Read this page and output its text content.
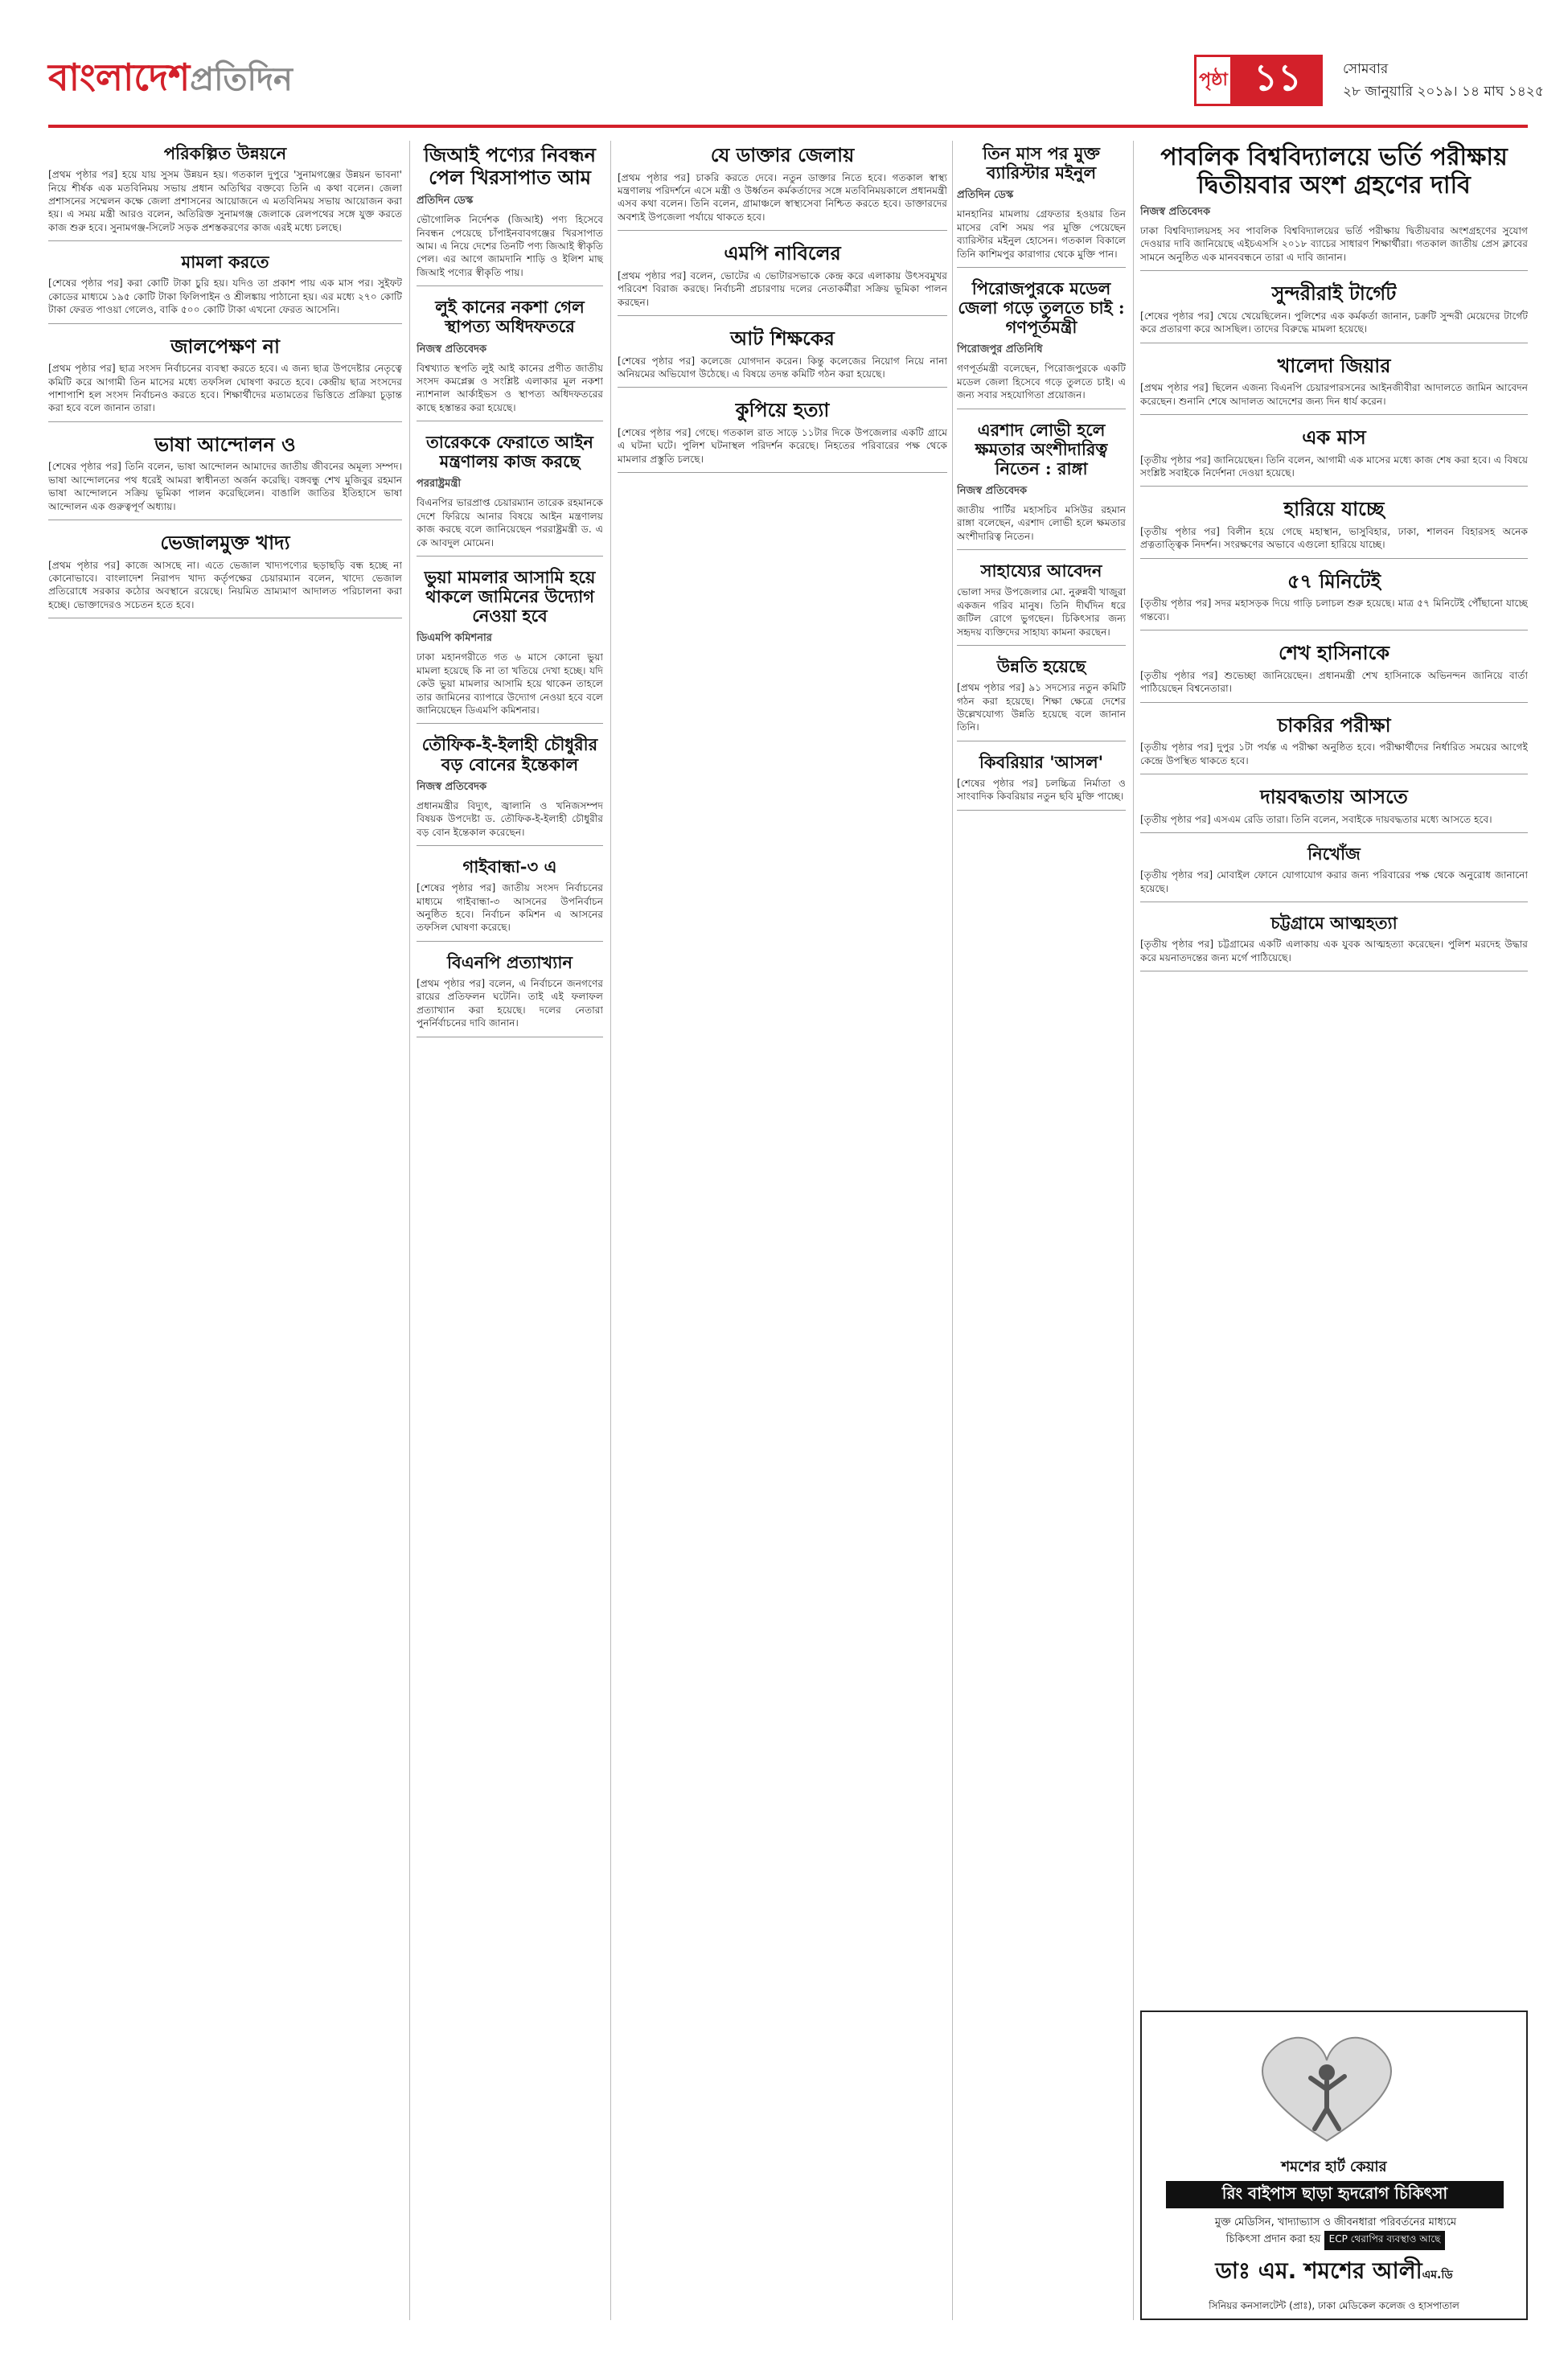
বাংলাদেশপ্রতিদিন	পৃষ্ঠা ১১	সোমবার
২৮ জানুয়ারি ২০১৯। ১৪ মাঘ ১৪২৫
পরিকল্পিত উন্নয়নে

[প্রথম পৃষ্ঠার পর] হয়ে যায় সুসম উন্নয়ন হয়। গতকাল দুপুরে 'সুনামগঞ্জের উন্নয়ন ভাবনা' নিয়ে শীর্ষক এক মতবিনিময় সভায় প্রধান অতিথির বক্তব্যে তিনি এ কথা বলেন। জেলা প্রশাসনের সম্মেলন কক্ষে জেলা প্রশাসনের আয়োজনে এ মতবিনিময় সভায় আয়োজন করা হয়। এ সময় মন্ত্রী আরও বলেন, অতিরিক্ত সুনামগঞ্জ জেলাকে রেলপথের সঙ্গে যুক্ত করতে কাজ শুরু হবে। সুনামগঞ্জ-সিলেট সড়ক প্রশস্তকরণের কাজ এরই মধ্যে চলছে।

মামলা করতে

[শেষের পৃষ্ঠার পর] করা কোটি টাকা চুরি হয়। যদিও তা প্রকাশ পায় এক মাস পর। সুইফট কোডের মাধ্যমে ১৯৫ কোটি টাকা ফিলিপাইন ও শ্রীলঙ্কায় পাঠানো হয়। এর মধ্যে ২৭০ কোটি টাকা ফেরত পাওয়া গেলেও, বাকি ৫০০ কোটি টাকা এখনো ফেরত আসেনি।

জালপেক্ষণ না

[প্রথম পৃষ্ঠার পর] ছাত্র সংসদ নির্বাচনের ব্যবস্থা করতে হবে। এ জন্য ছাত্র উপদেষ্টার নেতৃত্বে কমিটি করে আগামী তিন মাসের মধ্যে তফসিল ঘোষণা করতে হবে। কেন্দ্রীয় ছাত্র সংসদের পাশাপাশি হল সংসদ নির্বাচনও করতে হবে। শিক্ষার্থীদের মতামতের ভিত্তিতে প্রক্রিয়া চূড়ান্ত করা হবে বলে জানান তারা।

ভাষা আন্দোলন ও

[শেষের পৃষ্ঠার পর] তিনি বলেন, ভাষা আন্দোলন আমাদের জাতীয় জীবনের অমূল্য সম্পদ। ভাষা আন্দোলনের পথ ধরেই আমরা স্বাধীনতা অর্জন করেছি। বঙ্গবন্ধু শেখ মুজিবুর রহমান ভাষা আন্দোলনে সক্রিয় ভূমিকা পালন করেছিলেন। বাঙালি জাতির ইতিহাসে ভাষা আন্দোলন এক গুরুত্বপূর্ণ অধ্যায়।

ভেজালমুক্ত খাদ্য

[প্রথম পৃষ্ঠার পর] কাজে আসছে না। এতে ভেজাল খাদ্যপণ্যের ছড়াছড়ি বন্ধ হচ্ছে না কোনোভাবে। বাংলাদেশ নিরাপদ খাদ্য কর্তৃপক্ষের চেয়ারম্যান বলেন, খাদ্যে ভেজাল প্রতিরোধে সরকার কঠোর অবস্থানে রয়েছে। নিয়মিত ভ্রাম্যমাণ আদালত পরিচালনা করা হচ্ছে। ভোক্তাদেরও সচেতন হতে হবে।

জিআই পণ্যের নিবন্ধন পেল খিরসাপাত আম
প্রতিদিন ডেস্ক

ভৌগোলিক নির্দেশক (জিআই) পণ্য হিসেবে নিবন্ধন পেয়েছে চাঁপাইনবাবগঞ্জের খিরসাপাত আম। এ নিয়ে দেশের তিনটি পণ্য জিআই স্বীকৃতি পেল। এর আগে জামদানি শাড়ি ও ইলিশ মাছ জিআই পণ্যের স্বীকৃতি পায়।

লুই কানের নকশা গেল স্থাপত্য অধিদফতরে
নিজস্ব প্রতিবেদক

বিশ্বখ্যাত স্থপতি লুই আই কানের প্রণীত জাতীয় সংসদ কমপ্লেক্স ও সংশ্লিষ্ট এলাকার মূল নকশা ন্যাশনাল আর্কাইভস ও স্থাপত্য অধিদফতরের কাছে হস্তান্তর করা হয়েছে।

তারেককে ফেরাতে আইন মন্ত্রণালয় কাজ করছে
পররাষ্ট্রমন্ত্রী

বিএনপির ভারপ্রাপ্ত চেয়ারম্যান তারেক রহমানকে দেশে ফিরিয়ে আনার বিষয়ে আইন মন্ত্রণালয় কাজ করছে বলে জানিয়েছেন পররাষ্ট্রমন্ত্রী ড. এ কে আবদুল মোমেন।

ভুয়া মামলার আসামি হয়ে থাকলে জামিনের উদ্যোগ নেওয়া হবে
ডিএমপি কমিশনার

ঢাকা মহানগরীতে গত ৬ মাসে কোনো ভুয়া মামলা হয়েছে কি না তা খতিয়ে দেখা হচ্ছে। যদি কেউ ভুয়া মামলার আসামি হয়ে থাকেন তাহলে তার জামিনের ব্যাপারে উদ্যোগ নেওয়া হবে বলে জানিয়েছেন ডিএমপি কমিশনার।

তৌফিক-ই-ইলাহী চৌধুরীর বড় বোনের ইন্তেকাল
নিজস্ব প্রতিবেদক

প্রধানমন্ত্রীর বিদ্যুৎ, জ্বালানি ও খনিজসম্পদ বিষয়ক উপদেষ্টা ড. তৌফিক-ই-ইলাহী চৌধুরীর বড় বোন ইন্তেকাল করেছেন।

গাইবান্ধা-৩ এ

[শেষের পৃষ্ঠার পর] জাতীয় সংসদ নির্বাচনের মাধ্যমে গাইবান্ধা-৩ আসনের উপনির্বাচন অনুষ্ঠিত হবে। নির্বাচন কমিশন এ আসনের তফসিল ঘোষণা করেছে।

বিএনপি প্রত্যাখ্যান

[প্রথম পৃষ্ঠার পর] বলেন, এ নির্বাচনে জনগণের রায়ের প্রতিফলন ঘটেনি। তাই এই ফলাফল প্রত্যাখ্যান করা হয়েছে। দলের নেতারা পুনর্নির্বাচনের দাবি জানান।

যে ডাক্তার জেলায়

[প্রথম পৃষ্ঠার পর] চাকরি করতে দেবে। নতুন ডাক্তার নিতে হবে। গতকাল স্বাস্থ্য মন্ত্রণালয় পরিদর্শনে এসে মন্ত্রী ও উর্ধ্বতন কর্মকর্তাদের সঙ্গে মতবিনিময়কালে প্রধানমন্ত্রী এসব কথা বলেন। তিনি বলেন, গ্রামাঞ্চলে স্বাস্থ্যসেবা নিশ্চিত করতে হবে। ডাক্তারদের অবশ্যই উপজেলা পর্যায়ে থাকতে হবে।

এমপি নাবিলের

[প্রথম পৃষ্ঠার পর] বলেন, ভোটের এ ভোটারসভাকে কেন্দ্র করে এলাকায় উৎসবমুখর পরিবেশ বিরাজ করছে। নির্বাচনী প্রচারণায় দলের নেতাকর্মীরা সক্রিয় ভূমিকা পালন করছেন।

আট শিক্ষকের

[শেষের পৃষ্ঠার পর] কলেজে যোগদান করেন। কিন্তু কলেজের নিয়োগ নিয়ে নানা অনিয়মের অভিযোগ উঠেছে। এ বিষয়ে তদন্ত কমিটি গঠন করা হয়েছে।

কুপিয়ে হত্যা

[শেষের পৃষ্ঠার পর] গেছে। গতকাল রাত সাড়ে ১১টার দিকে উপজেলার একটি গ্রামে এ ঘটনা ঘটে। পুলিশ ঘটনাস্থল পরিদর্শন করেছে। নিহতের পরিবারের পক্ষ থেকে মামলার প্রস্তুতি চলছে।

তিন মাস পর মুক্ত ব্যারিস্টার মইনুল
প্রতিদিন ডেস্ক

মানহানির মামলায় গ্রেফতার হওয়ার তিন মাসের বেশি সময় পর মুক্তি পেয়েছেন ব্যারিস্টার মইনুল হোসেন। গতকাল বিকালে তিনি কাশিমপুর কারাগার থেকে মুক্তি পান।

পিরোজপুরকে মডেল জেলা গড়ে তুলতে চাই : গণপূর্তমন্ত্রী
পিরোজপুর প্রতিনিধি

গণপূর্তমন্ত্রী বলেছেন, পিরোজপুরকে একটি মডেল জেলা হিসেবে গড়ে তুলতে চাই। এ জন্য সবার সহযোগিতা প্রয়োজন।

এরশাদ লোভী হলে ক্ষমতার অংশীদারিত্ব নিতেন : রাঙ্গা
নিজস্ব প্রতিবেদক

জাতীয় পার্টির মহাসচিব মসিউর রহমান রাঙ্গা বলেছেন, এরশাদ লোভী হলে ক্ষমতার অংশীদারিত্ব নিতেন।

সাহায্যের আবেদন

ভোলা সদর উপজেলার মো. নুরুন্নবী খাজুরা একজন গরিব মানুষ। তিনি দীর্ঘদিন ধরে জটিল রোগে ভুগছেন। চিকিৎসার জন্য সহৃদয় ব্যক্তিদের সাহায্য কামনা করছেন।

উন্নতি হয়েছে

[প্রথম পৃষ্ঠার পর] ৯১ সদস্যের নতুন কমিটি গঠন করা হয়েছে। শিক্ষা ক্ষেত্রে দেশের উল্লেখযোগ্য উন্নতি হয়েছে বলে জানান তিনি।

কিবরিয়ার 'আসল'

[শেষের পৃষ্ঠার পর] চলচ্চিত্র নির্মাতা ও সাংবাদিক কিবরিয়ার নতুন ছবি মুক্তি পাচ্ছে।

পাবলিক বিশ্ববিদ্যালয়ে ভর্তি পরীক্ষায় দ্বিতীয়বার অংশ গ্রহণের দাবি
নিজস্ব প্রতিবেদক

ঢাকা বিশ্ববিদ্যালয়সহ সব পাবলিক বিশ্ববিদ্যালয়ের ভর্তি পরীক্ষায় দ্বিতীয়বার অংশগ্রহণের সুযোগ দেওয়ার দাবি জানিয়েছে এইচএসসি ২০১৮ ব্যাচের সাধারণ শিক্ষার্থীরা। গতকাল জাতীয় প্রেস ক্লাবের সামনে অনুষ্ঠিত এক মানববন্ধনে তারা এ দাবি জানান।

সুন্দরীরাই টার্গেট

[শেষের পৃষ্ঠার পর] খেয়ে খেয়েছিলেন। পুলিশের এক কর্মকর্তা জানান, চক্রটি সুন্দরী মেয়েদের টার্গেট করে প্রতারণা করে আসছিল। তাদের বিরুদ্ধে মামলা হয়েছে।

খালেদা জিয়ার

[প্রথম পৃষ্ঠার পর] ছিলেন এজন্য বিএনপি চেয়ারপারসনের আইনজীবীরা আদালতে জামিন আবেদন করেছেন। শুনানি শেষে আদালত আদেশের জন্য দিন ধার্য করেন।

এক মাস

[তৃতীয় পৃষ্ঠার পর] জানিয়েছেন। তিনি বলেন, আগামী এক মাসের মধ্যে কাজ শেষ করা হবে। এ বিষয়ে সংশ্লিষ্ট সবাইকে নির্দেশনা দেওয়া হয়েছে।

হারিয়ে যাচ্ছে

[তৃতীয় পৃষ্ঠার পর] বিলীন হয়ে গেছে মহাস্থান, ভাসুবিহার, ঢাকা, শালবন বিহারসহ অনেক প্রত্নতাত্ত্বিক নিদর্শন। সংরক্ষণের অভাবে এগুলো হারিয়ে যাচ্ছে।

৫৭ মিনিটেই

[তৃতীয় পৃষ্ঠার পর] সদর মহাসড়ক দিয়ে গাড়ি চলাচল শুরু হয়েছে। মাত্র ৫৭ মিনিটেই পৌঁছানো যাচ্ছে গন্তব্যে।

শেখ হাসিনাকে

[তৃতীয় পৃষ্ঠার পর] শুভেচ্ছা জানিয়েছেন। প্রধানমন্ত্রী শেখ হাসিনাকে অভিনন্দন জানিয়ে বার্তা পাঠিয়েছেন বিশ্বনেতারা।

চাকরির পরীক্ষা

[তৃতীয় পৃষ্ঠার পর] দুপুর ১টা পর্যন্ত এ পরীক্ষা অনুষ্ঠিত হবে। পরীক্ষার্থীদের নির্ধারিত সময়ের আগেই কেন্দ্রে উপস্থিত থাকতে হবে।

দায়বদ্ধতায় আসতে

[তৃতীয় পৃষ্ঠার পর] এসএম রেডি তারা। তিনি বলেন, সবাইকে দায়বদ্ধতার মধ্যে আসতে হবে।

নিখোঁজ

[তৃতীয় পৃষ্ঠার পর] মোবাইল ফোনে যোগাযোগ করার জন্য পরিবারের পক্ষ থেকে অনুরোধ জানানো হয়েছে।

চট্টগ্রামে আত্মহত্যা

[তৃতীয় পৃষ্ঠার পর] চট্টগ্রামের একটি এলাকায় এক যুবক আত্মহত্যা করেছেন। পুলিশ মরদেহ উদ্ধার করে ময়নাতদন্তের জন্য মর্গে পাঠিয়েছে।

শমশের হার্ট কেয়ার
রিং বাইপাস ছাড়া হৃদরোগ চিকিৎসা
মুক্ত মেডিসিন, খাদ্যাভ্যাস ও জীবনধারা পরিবর্তনের মাধ্যমে
চিকিৎসা প্রদান করা হয় ECP থেরাপির ব্যবস্থাও আছে
ডাঃ এম. শমশের আলীএম.ডি
সিনিয়র কনসালটেন্ট (প্রাঃ), ঢাকা মেডিকেল কলেজ ও হাসপাতাল
